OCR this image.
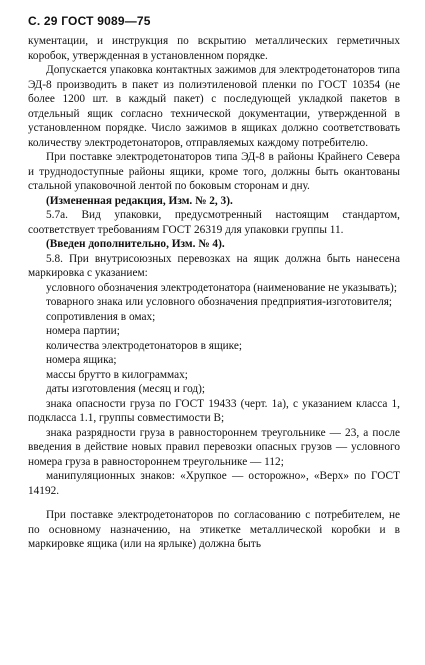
С. 29 ГОСТ 9089—75

кументации, и инструкция по вскрытию металлических герметичных коробок, утвержденная в установленном порядке.

Допускается упаковка контактных зажимов для электродетонаторов типа ЭД-8 производить в пакет из полиэтиленовой пленки по ГОСТ 10354 (не более 1200 шт. в каждый пакет) с последующей укладкой пакетов в отдельный ящик согласно технической документации, утвержденной в установленном порядке. Число зажимов в ящиках должно соответствовать количеству электродетонаторов, отправляемых каждому потребителю.

При поставке электродетонаторов типа ЭД-8 в районы Крайнего Севера и труднодоступные районы ящики, кроме того, должны быть окантованы стальной упаковочной лентой по боковым сторонам и дну.

(Измененная редакция, Изм. № 2, 3).

5.7а. Вид упаковки, предусмотренный настоящим стандартом, соответствует требованиям ГОСТ 26319 для упаковки группы 11.

(Введен дополнительно, Изм. № 4).

5.8. При внутрисоюзных перевозках на ящик должна быть нанесена маркировка с указанием:

условного обозначения электродетонатора (наименование не указывать);

товарного знака или условного обозначения предприятия-изготовителя;

сопротивления в омах;

номера партии;

количества электродетонаторов в ящике;

номера ящика;

массы брутто в килограммах;

даты изготовления (месяц и год);

знака опасности груза по ГОСТ 19433 (черт. 1а), с указанием класса 1, подкласса 1.1, группы совместимости В;

знака разрядности груза в равностороннем треугольнике — 23, а после введения в действие новых правил перевозки опасных грузов — условного номера груза в равностороннем треугольнике — 112;

манипуляционных знаков: «Хрупкое — осторожно», «Верх» по ГОСТ 14192.

При поставке электродетонаторов по согласованию с потребителем, не по основному назначению, на этикетке металлической коробки и в маркировке ящика (или на ярлыке) должна быть
